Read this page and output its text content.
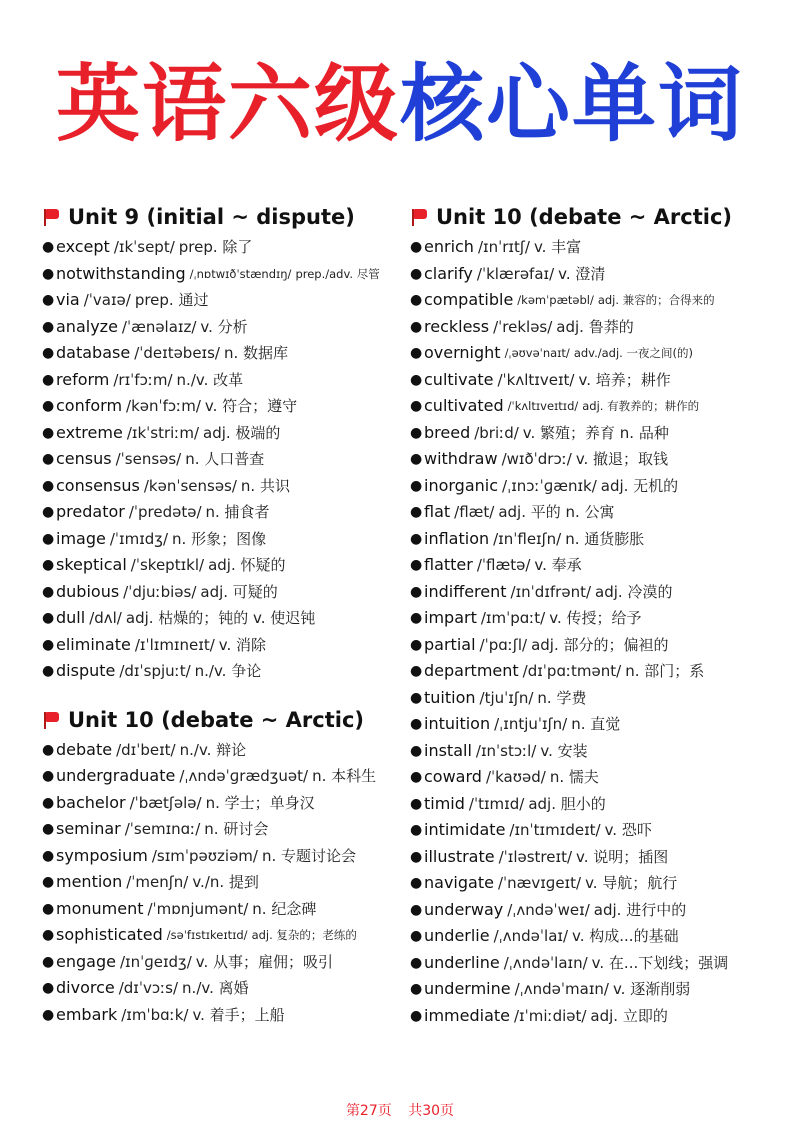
英语六级核心单词
Unit 9 (initial ~ dispute)
● except /ɪkˈsept/ prep. 除了
● notwithstanding /ˌnɒtwɪðˈstændɪŋ/ prep./adv. 尽管
● via /ˈvaɪə/ prep. 通过
● analyze /ˈænəlaɪz/ v. 分析
● database /ˈdeɪtəbeɪs/ n. 数据库
● reform /rɪˈfɔːm/ n./v. 改革
● conform /kənˈfɔːm/ v. 符合；遵守
● extreme /ɪkˈstriːm/ adj. 极端的
● census /ˈsensəs/ n. 人口普查
● consensus /kənˈsensəs/ n. 共识
● predator /ˈpredətə/ n. 捕食者
● image /ˈɪmɪdʒ/ n. 形象；图像
● skeptical /ˈskeptɪkl/ adj. 怀疑的
● dubious /ˈdjuːbiəs/ adj. 可疑的
● dull /dʌl/ adj. 枯燥的；钝的 v. 使迟钝
● eliminate /ɪˈlɪmɪneɪt/ v. 消除
● dispute /dɪˈspjuːt/ n./v. 争论
Unit 10 (debate ~ Arctic)
● debate /dɪˈbeɪt/ n./v. 辩论
● undergraduate /ˌʌndəˈɡrædʒuət/ n. 本科生
● bachelor /ˈbætʃələ/ n. 学士；单身汉
● seminar /ˈsemɪnɑː/ n. 研讨会
● symposium /sɪmˈpəʊziəm/ n. 专题讨论会
● mention /ˈmenʃn/ v./n. 提到
● monument /ˈmɒnjumənt/ n. 纪念碑
● sophisticated /səˈfɪstɪkeɪtɪd/ adj. 复杂的；老练的
● engage /ɪnˈɡeɪdʒ/ v. 从事；雇佣；吸引
● divorce /dɪˈvɔːs/ n./v. 离婚
● embark /ɪmˈbɑːk/ v. 着手；上船
Unit 10 (debate ~ Arctic)
● enrich /ɪnˈrɪtʃ/ v. 丰富
● clarify /ˈklærəfaɪ/ v. 澄清
● compatible /kəmˈpætəbl/ adj. 兼容的；合得来的
● reckless /ˈrekləs/ adj. 鲁莽的
● overnight /ˌəʊvəˈnaɪt/ adv./adj. 一夜之间(的)
● cultivate /ˈkʌltɪveɪt/ v. 培养；耕作
● cultivated /ˈkʌltɪveɪtɪd/ adj. 有教养的；耕作的
● breed /briːd/ v. 繁殖；养育 n. 品种
● withdraw /wɪðˈdrɔː/ v. 撤退；取钱
● inorganic /ˌɪnɔːˈɡænɪk/ adj. 无机的
● flat /flæt/ adj. 平的 n. 公寓
● inflation /ɪnˈfleɪʃn/ n. 通货膨胀
● flatter /ˈflætə/ v. 奉承
● indifferent /ɪnˈdɪfrənt/ adj. 冷漠的
● impart /ɪmˈpɑːt/ v. 传授；给予
● partial /ˈpɑːʃl/ adj. 部分的；偏袒的
● department /dɪˈpɑːtmənt/ n. 部门；系
● tuition /tjuˈɪʃn/ n. 学费
● intuition /ˌɪntjuˈɪʃn/ n. 直觉
● install /ɪnˈstɔːl/ v. 安装
● coward /ˈkaʊəd/ n. 懦夫
● timid /ˈtɪmɪd/ adj. 胆小的
● intimidate /ɪnˈtɪmɪdeɪt/ v. 恐吓
● illustrate /ˈɪləstreɪt/ v. 说明；插图
● navigate /ˈnævɪɡeɪt/ v. 导航；航行
● underway /ˌʌndəˈweɪ/ adj. 进行中的
● underlie /ˌʌndəˈlaɪ/ v. 构成...的基础
● underline /ˌʌndəˈlaɪn/ v. 在...下划线；强调
● undermine /ˌʌndəˈmaɪn/ v. 逐渐削弱
● immediate /ɪˈmiːdiət/ adj. 立即的
第27页 共30页
